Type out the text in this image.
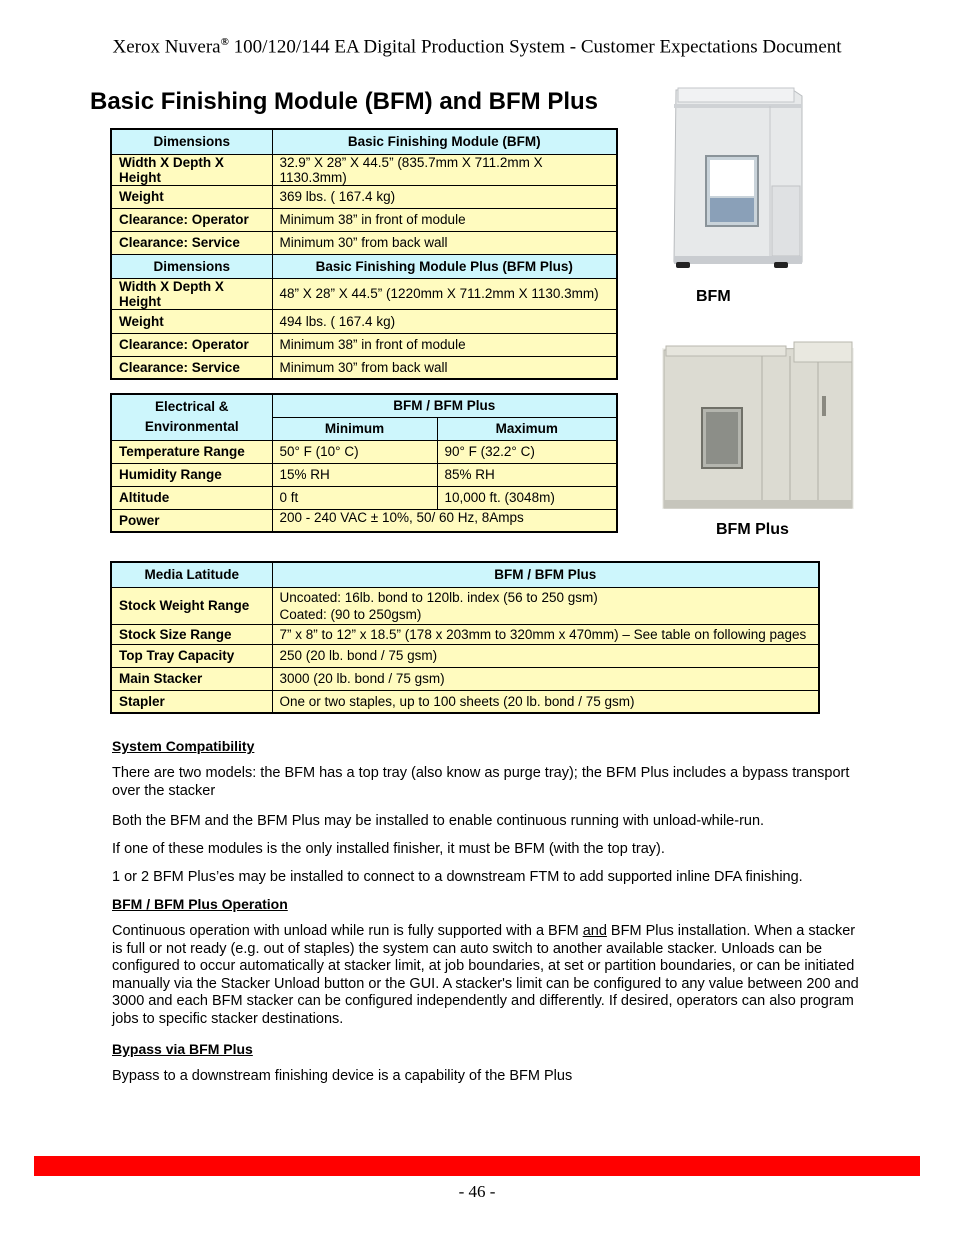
Xerox Nuvera® 100/120/144 EA Digital Production System - Customer Expectations Document
Basic Finishing Module (BFM) and BFM Plus
Dimensions	Basic Finishing Module (BFM)
Width X Depth X Height	32.9” X 28” X 44.5” (835.7mm X 711.2mm X 1130.3mm)
Weight	369 lbs. ( 167.4 kg)
Clearance: Operator	Minimum 38” in front of module
Clearance: Service	Minimum 30” from back wall
Dimensions	Basic Finishing Module Plus (BFM Plus)
Width X Depth X Height	48” X 28” X 44.5” (1220mm X 711.2mm X 1130.3mm)
Weight	494 lbs. ( 167.4 kg)
Clearance: Operator	Minimum 38” in front of module
Clearance: Service	Minimum 30” from back wall
Electrical &
Environmental	BFM / BFM Plus	
	Minimum	Maximum
Temperature Range	50° F (10° C)	90° F (32.2° C)
Humidity Range	15% RH	85% RH
Altitude	0 ft	10,000 ft. (3048m)
Power	200 - 240 VAC ± 10%, 50/ 60 Hz, 8Amps	
Media Latitude	BFM / BFM Plus
Stock Weight Range	Uncoated: 16lb. bond to 120lb. index (56 to 250 gsm)
Coated: (90 to 250gsm)

Stock Size Range	7” x 8” to 12” x 18.5” (178 x 203mm to 320mm x 470mm) – See table on following pages
Top Tray Capacity	250 (20 lb. bond / 75 gsm)
Main Stacker	3000 (20 lb. bond / 75 gsm)
Stapler	One or two staples, up to 100 sheets (20 lb. bond / 75 gsm)
BFM
BFM Plus
System Compatibility
There are two models: the BFM has a top tray (also know as purge tray); the BFM Plus includes a bypass transport over the stacker
Both the BFM and the BFM Plus may be installed to enable continuous running with unload-while-run.
If one of these modules is the only installed finisher, it must be BFM (with the top tray).
1 or 2 BFM Plus’es may be installed to connect to a downstream FTM to add supported inline DFA finishing.
BFM / BFM Plus Operation
Continuous operation with unload while run is fully supported with a BFM and BFM Plus installation. When a stacker is full or not ready (e.g. out of staples) the system can auto switch to another available stacker. Unloads can be configured to occur automatically at stacker limit, at job boundaries, at set or partition boundaries, or can be initiated manually via the Stacker Unload button or the GUI. A stacker's limit can be configured to any value between 200 and 3000 and each BFM stacker can be configured independently and differently. If desired, operators can also program jobs to specific stacker destinations.
Bypass via BFM Plus
Bypass to a downstream finishing device is a capability of the BFM Plus
- 46 -
